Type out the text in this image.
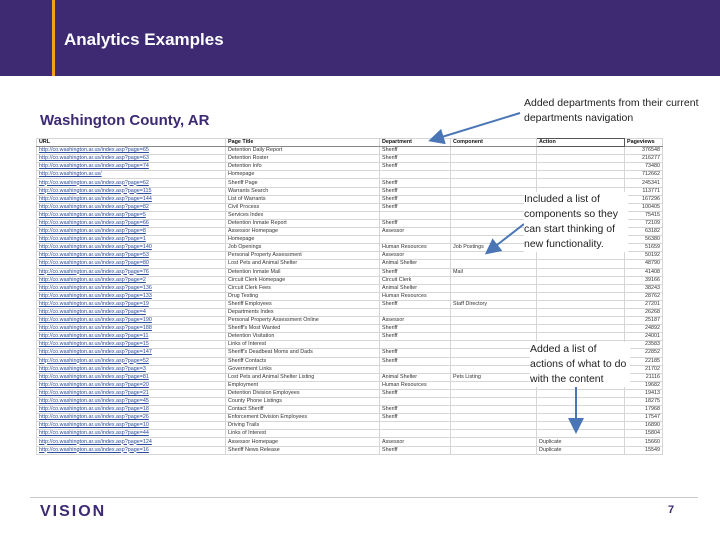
Analytics Examples
Washington County, AR
URL	Page Title	Department	Component	Action	Pageviews
http://co.washington.ar.us/index.asp?page=65	Detention Daily Report	Sheriff			376548
http://co.washington.ar.us/index.asp?page=63	Detention Roster	Sheriff			216277
http://co.washington.ar.us/index.asp?page=74	Detention Info	Sheriff			73480
http://co.washington.ar.us/	Homepage				712662
http://co.washington.ar.us/index.asp?page=62	Sheriff Page	Sheriff			245341
http://co.washington.ar.us/index.asp?page=115	Warrants Search	Sheriff			113771
http://co.washington.ar.us/index.asp?page=144	List of Warrants	Sheriff			167296
http://co.washington.ar.us/index.asp?page=82	Civil Process	Sheriff			100405
http://co.washington.ar.us/index.asp?page=5	Services Index				75415
http://co.washington.ar.us/index.asp?page=66	Detention Inmate Report	Sheriff			72109
http://co.washington.ar.us/index.asp?page=8	Assessor Homepage	Assessor			63182
http://co.washington.ar.us/index.asp?page=1	Homepage				56380
http://co.washington.ar.us/index.asp?page=140	Job Openings	Human Resources	Job Postings		51659
http://co.washington.ar.us/index.asp?page=53	Personal Property Assessment	Assessor			50192
http://co.washington.ar.us/index.asp?page=80	Lost Pets and Animal Shelter	Animal Shelter			48790
http://co.washington.ar.us/index.asp?page=76	Detention Inmate Mail	Sheriff	Mail		41408
http://co.washington.ar.us/index.asp?page=2	Circuit Clerk Homepage	Circuit Clerk			39166
http://co.washington.ar.us/index.asp?page=136	Circuit Clerk Fees	Animal Shelter			38243
http://co.washington.ar.us/index.asp?page=133	Drug Testing	Human Resources			28762
http://co.washington.ar.us/index.asp?page=19	Sheriff Employees	Sheriff	Staff Directory		27201
http://co.washington.ar.us/index.asp?page=4	Departments Index				26268
http://co.washington.ar.us/index.asp?page=190	Personal Property Assessment Online	Assessor			25187
http://co.washington.ar.us/index.asp?page=188	Sheriff's Most Wanted	Sheriff			24892
http://co.washington.ar.us/index.asp?page=11	Detention Visitation	Sheriff			24001
http://co.washington.ar.us/index.asp?page=15	Links of Interest				23583
http://co.washington.ar.us/index.asp?page=147	Sheriff's Deadbeat Moms and Dads	Sheriff			22852
http://co.washington.ar.us/index.asp?page=52	Sheriff Contacts	Sheriff			22185
http://co.washington.ar.us/index.asp?page=3	Government Links				21702
http://co.washington.ar.us/index.asp?page=81	Lost Pets and Animal Shelter Listing	Animal Shelter	Pets Listing		21116
http://co.washington.ar.us/index.asp?page=20	Employment	Human Resources			19682
http://co.washington.ar.us/index.asp?page=21	Detention Division Employees	Sheriff			19413
http://co.washington.ar.us/index.asp?page=45	County Phone Listings				18275
http://co.washington.ar.us/index.asp?page=18	Contact Sheriff	Sheriff			17968
http://co.washington.ar.us/index.asp?page=26	Enforcement Division Employees	Sheriff			17547
http://co.washington.ar.us/index.asp?page=10	Driving Trails				16890
http://co.washington.ar.us/index.asp?page=44	Links of Interest				15804
http://co.washington.ar.us/index.asp?page=124	Assessor Homepage	Assessor		Duplicate	15660
http://co.washington.ar.us/index.asp?page=16	Sheriff News Release	Sheriff		Duplicate	15549
Added departments from their current departments navigation
Included a list of components so they can start thinking of new functionality.
Added a list of actions of what to do with the content
VISION	7
